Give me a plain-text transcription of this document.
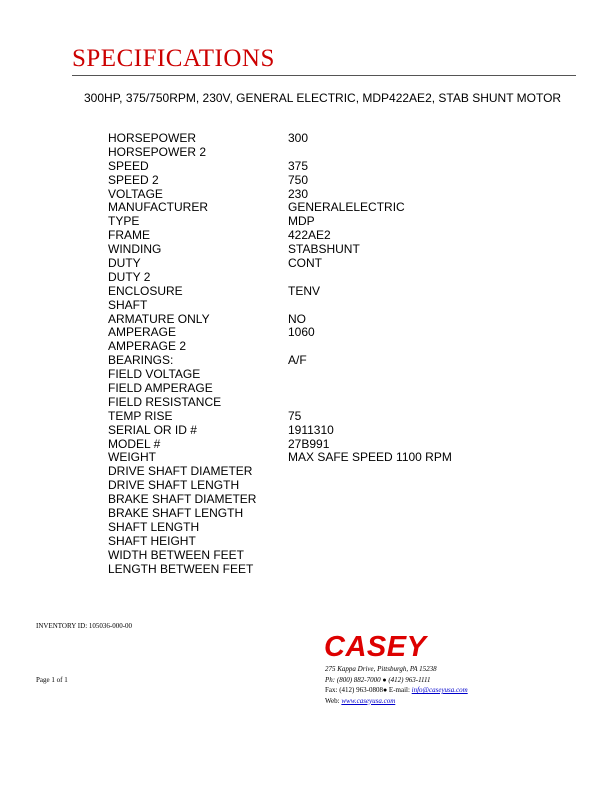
SPECIFICATIONS
300HP, 375/750RPM, 230V, GENERAL ELECTRIC, MDP422AE2, STAB SHUNT MOTOR
HORSEPOWER	300
HORSEPOWER 2
SPEED	375
SPEED 2	750
VOLTAGE	230
MANUFACTURER	GENERALELECTRIC
TYPE	MDP
FRAME	422AE2
WINDING	STABSHUNT
DUTY	CONT
DUTY 2
ENCLOSURE	TENV
SHAFT
ARMATURE ONLY	NO
AMPERAGE	1060
AMPERAGE 2
BEARINGS:	A/F
FIELD VOLTAGE
FIELD AMPERAGE
FIELD RESISTANCE
TEMP RISE	75
SERIAL OR ID #	1911310
MODEL #	27B991
WEIGHT	MAX SAFE SPEED 1100 RPM
DRIVE SHAFT DIAMETER
DRIVE SHAFT LENGTH
BRAKE SHAFT DIAMETER
BRAKE SHAFT LENGTH
SHAFT LENGTH
SHAFT HEIGHT
WIDTH BETWEEN FEET
LENGTH BETWEEN FEET
INVENTORY ID: 105036-000-00
Page 1 of 1
CASEY
275 Kappa Drive, Pittsburgh, PA 15238
Ph: (800) 882-7000 ● (412) 963-1111
Fax: (412) 963-0808● E-mail: info@caseyusa.com
Web: www.caseyusa.com
